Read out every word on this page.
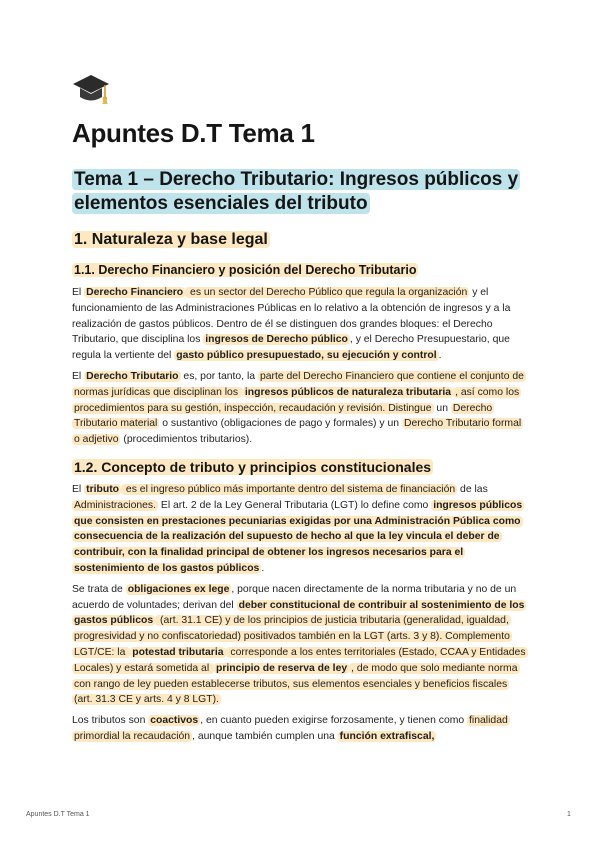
Apuntes D.T Tema 1
Tema 1 – Derecho Tributario: Ingresos públicos y elementos esenciales del tributo
1. Naturaleza y base legal
1.1. Derecho Financiero y posición del Derecho Tributario

El Derecho Financiero es un sector del Derecho Público que regula la organización y el funcionamiento de las Administraciones Públicas en lo relativo a la obtención de ingresos y a la realización de gastos públicos. Dentro de él se distinguen dos grandes bloques: el Derecho Tributario, que disciplina los ingresos de Derecho público , y el Derecho Presupuestario, que regula la vertiente del gasto público presupuestado, su ejecución y control .

El Derecho Tributario es, por tanto, la parte del Derecho Financiero que contiene el conjunto de normas jurídicas que disciplinan los ingresos públicos de naturaleza tributaria , así como los procedimientos para su gestión, inspección, recaudación y revisión. Distingue un Derecho Tributario material o sustantivo (obligaciones de pago y formales) y un Derecho Tributario formal o adjetivo (procedimientos tributarios).

1.2. Concepto de tributo y principios constitucionales

El tributo es el ingreso público más importante dentro del sistema de financiación de las Administraciones. El art. 2 de la Ley General Tributaria (LGT) lo define como ingresos públicos que consisten en prestaciones pecuniarias exigidas por una Administración Pública como consecuencia de la realización del supuesto de hecho al que la ley vincula el deber de contribuir, con la finalidad principal de obtener los ingresos necesarios para el sostenimiento de los gastos públicos .

Se trata de obligaciones ex lege , porque nacen directamente de la norma tributaria y no de un acuerdo de voluntades; derivan del deber constitucional de contribuir al sostenimiento de los gastos públicos (art. 31.1 CE) y de los principios de justicia tributaria (generalidad, igualdad, progresividad y no confiscatoriedad) positivados también en la LGT (arts. 3 y 8). Complemento LGT/CE: la potestad tributaria corresponde a los entes territoriales (Estado, CCAA y Entidades Locales) y estará sometida al principio de reserva de ley , de modo que solo mediante norma con rango de ley pueden establecerse tributos, sus elementos esenciales y beneficios fiscales (art. 31.3 CE y arts. 4 y 8 LGT).

Los tributos son coactivos , en cuanto pueden exigirse forzosamente, y tienen como finalidad primordial la recaudación , aunque también cumplen una función extrafiscal,

Apuntes D.T Tema 1	1
